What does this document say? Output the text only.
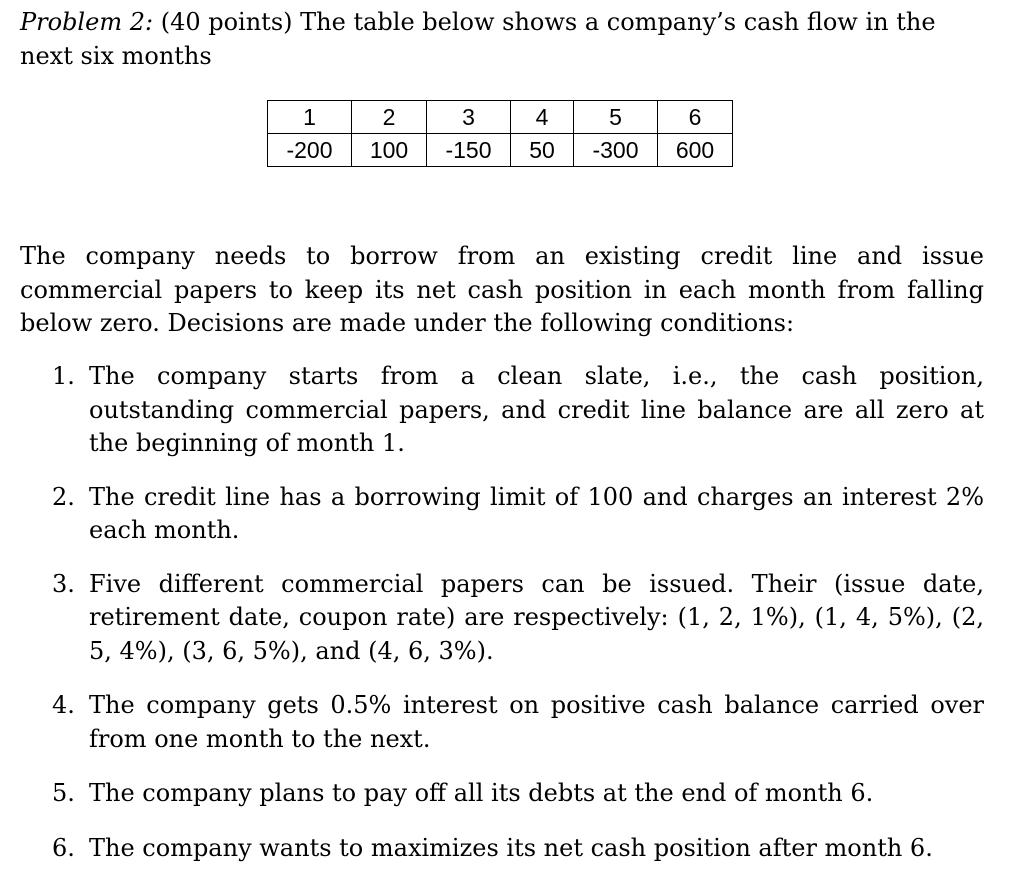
Problem 2: (40 points) The table below shows a company’s cash flow in the
next six months

1	2	3	4	5	6
-200	100	-150	50	-300	600

The company needs to borrow from an existing credit line and issue commercial papers to keep its net cash position in each month from falling below zero. Decisions are made under the following conditions:

1. The company starts from a clean slate, i.e., the cash position, outstanding commercial papers, and credit line balance are all zero at the beginning of month 1.
2. The credit line has a borrowing limit of 100 and charges an interest 2% each month.
3. Five different commercial papers can be issued. Their (issue date, retirement date, coupon rate) are respectively: (1, 2, 1%), (1, 4, 5%), (2, 5, 4%), (3, 6, 5%), and (4, 6, 3%).
4. The company gets 0.5% interest on positive cash balance carried over from one month to the next.
5. The company plans to pay off all its debts at the end of month 6.
6. The company wants to maximizes its net cash position after month 6.
